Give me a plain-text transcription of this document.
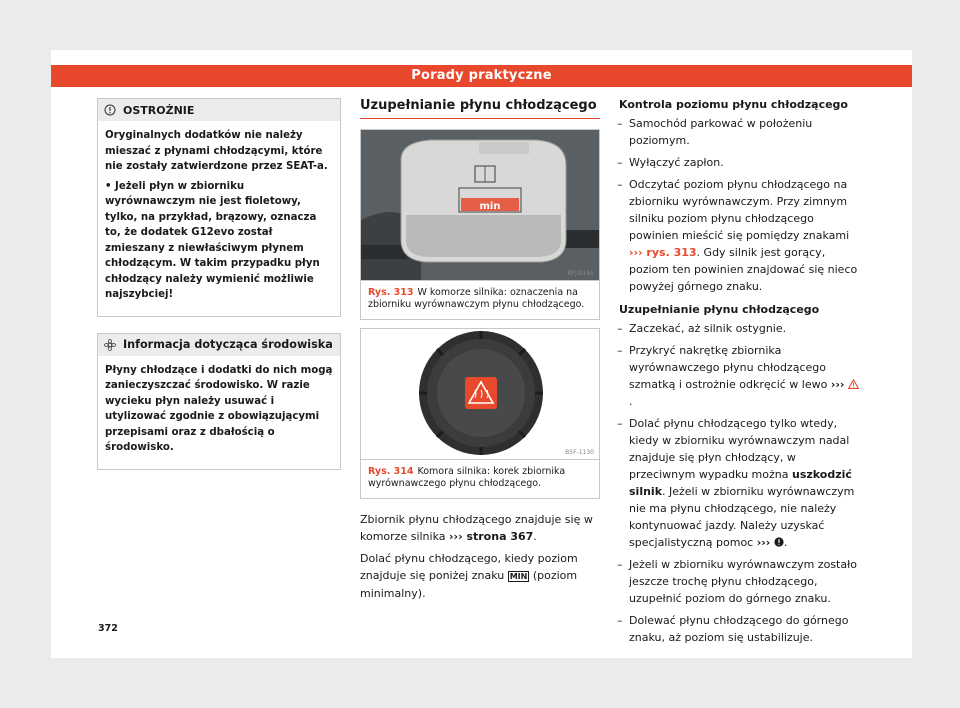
Porady praktyczne
OSTROŻNIE

Oryginalnych dodatków nie należy mieszać z płynami chłodzącymi, które nie zostały zatwierdzone przez SEAT-a.

• Jeżeli płyn w zbiorniku wyrównawczym nie jest fioletowy, tylko, na przykład, brązowy, oznacza to, że dodatek G12evo został zmieszany z niewłaściwym płynem chłodzącym. W takim przypadku płyn chłodzący należy wymienić możliwie najszybciej!

Informacja dotycząca środowiska

Płyny chłodzące i dodatki do nich mogą zanieczyszczać środowisko. W razie wycieku płyn należy usuwać i utylizować zgodnie z obowiązującymi przepisami oraz z dbałością o środowisko.

Uzupełnianie płynu chłodzącego
min
BFJ-0165
Rys. 313 W komorze silnika: oznaczenia na zbiorniku wyrównawczym płynu chłodzącego.
B5F-1130
Rys. 314 Komora silnika: korek zbiornika wyrównawczego płynu chłodzącego.

Zbiornik płynu chłodzącego znajduje się w komorze silnika ››› strona 367.

Dolać płynu chłodzącego, kiedy poziom znajduje się poniżej znaku MIN (poziom minimalny).

Kontrola poziomu płynu chłodzącego
– Samochód parkować w położeniu poziomym.
– Wyłączyć zapłon.
– Odczytać poziom płynu chłodzącego na zbiorniku wyrównawczym. Przy zimnym silniku poziom płynu chłodzącego powinien mieścić się pomiędzy znakami ››› rys. 313. Gdy silnik jest gorący, poziom ten powinien znajdować się nieco powyżej górnego znaku.
Uzupełnianie płynu chłodzącego
– Zaczekać, aż silnik ostygnie.
– Przykryć nakrętkę zbiornika wyrównawczego płynu chłodzącego szmatką i ostrożnie odkręcić w lewo ››› .
– Dolać płynu chłodzącego tylko wtedy, kiedy w zbiorniku wyrównawczym nadal znajduje się płyn chłodzący, w przeciwnym wypadku można uszkodzić silnik. Jeżeli w zbiorniku wyrównawczym nie ma płynu chłodzącego, nie należy kontynuować jazdy. Należy uzyskać specjalistyczną pomoc ››› .
– Jeżeli w zbiorniku wyrównawczym zostało jeszcze trochę płynu chłodzącego, uzupełnić poziom do górnego znaku.
– Dolewać płynu chłodzącego do górnego znaku, aż poziom się ustabilizuje.
372
